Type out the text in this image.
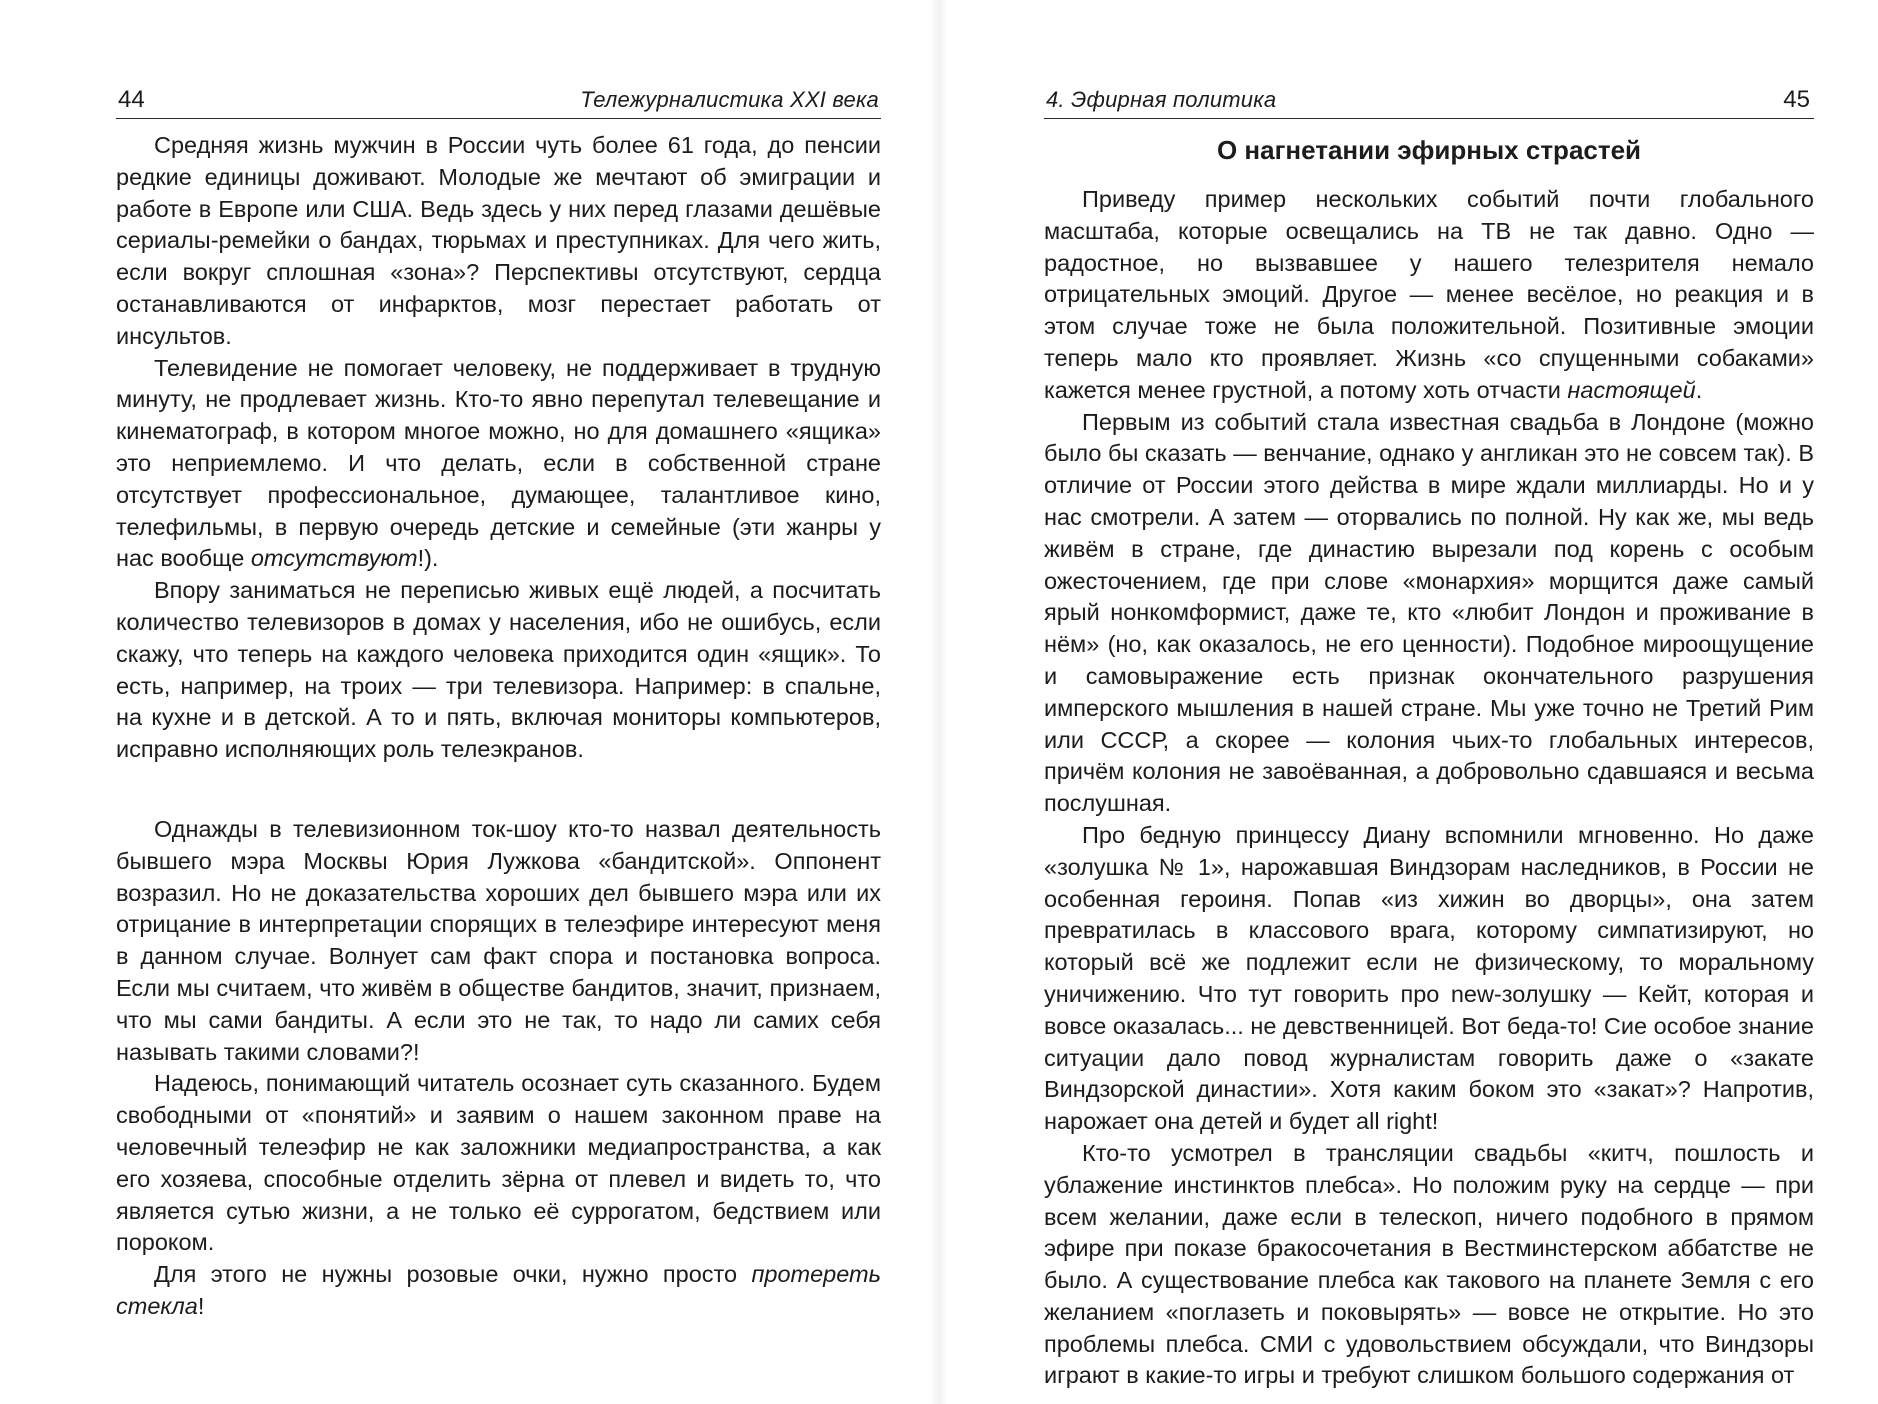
44	Тележурналистика XXI века

Средняя жизнь мужчин в России чуть более 61 года, до пенсии редкие единицы доживают. Молодые же мечтают об эмиграции и работе в Европе или США. Ведь здесь у них перед глазами дешёвые сериалы-ремейки о бандах, тюрьмах и преступниках. Для чего жить, если вокруг сплошная «зона»? Перспективы отсутствуют, сердца останавливаются от инфарктов, мозг перестает работать от инсультов.

Телевидение не помогает человеку, не поддерживает в трудную минуту, не продлевает жизнь. Кто-то явно перепутал телевещание и кинематограф, в котором многое можно, но для домашнего «ящика» это неприемлемо. И что делать, если в собственной стране отсутствует профессиональное, думающее, талантливое кино, телефильмы, в первую очередь детские и семейные (эти жанры у нас вообще отсутствуют!).

Впору заниматься не переписью живых ещё людей, а посчитать количество телевизоров в домах у населения, ибо не ошибусь, если скажу, что теперь на каждого человека приходится один «ящик». То есть, например, на троих — три телевизора. Например: в спальне, на кухне и в детской. А то и пять, включая мониторы компьютеров, исправно исполняющих роль телеэкранов.

Однажды в телевизионном ток-шоу кто-то назвал деятельность бывшего мэра Москвы Юрия Лужкова «бандитской». Оппонент возразил. Но не доказательства хороших дел бывшего мэра или их отрицание в интерпретации спорящих в телеэфире интересуют меня в данном случае. Волнует сам факт спора и постановка вопроса. Если мы считаем, что живём в обществе бандитов, значит, признаем, что мы сами бандиты. А если это не так, то надо ли самих себя называть такими словами?!

Надеюсь, понимающий читатель осознает суть сказанного. Будем свободными от «понятий» и заявим о нашем законном праве на человечный телеэфир не как заложники медиапространства, а как его хозяева, способные отделить зёрна от плевел и видеть то, что является сутью жизни, а не только её суррогатом, бедствием или пороком.

Для этого не нужны розовые очки, нужно просто протереть стекла!

4. Эфирная политика	45
О нагнетании эфирных страстей

Приведу пример нескольких событий почти глобального масштаба, которые освещались на ТВ не так давно. Одно — радостное, но вызвавшее у нашего телезрителя немало отрицательных эмоций. Другое — менее весёлое, но реакция и в этом случае тоже не была положительной. Позитивные эмоции теперь мало кто проявляет. Жизнь «со спущенными собаками» кажется менее грустной, а потому хоть отчасти настоящей.

Первым из событий стала известная свадьба в Лондоне (можно было бы сказать — венчание, однако у англикан это не совсем так). В отличие от России этого действа в мире ждали миллиарды. Но и у нас смотрели. А затем — оторвались по полной. Ну как же, мы ведь живём в стране, где династию вырезали под корень с особым ожесточением, где при слове «монархия» морщится даже самый ярый нонкомформист, даже те, кто «любит Лондон и проживание в нём» (но, как оказалось, не его ценности). Подобное мироощущение и самовыражение есть признак окончательного разрушения имперского мышления в нашей стране. Мы уже точно не Третий Рим или СССР, а скорее — колония чьих-то глобальных интересов, причём колония не завоёванная, а добровольно сдавшаяся и весьма послушная.

Про бедную принцессу Диану вспомнили мгновенно. Но даже «золушка № 1», нарожавшая Виндзорам наследников, в России не особенная героиня. Попав «из хижин во дворцы», она затем превратилась в классового врага, которому симпатизируют, но который всё же подлежит если не физическому, то моральному уничижению. Что тут говорить про new-золушку — Кейт, которая и вовсе оказалась... не девственницей. Вот беда-то! Сие особое знание ситуации дало повод журналистам говорить даже о «закате Виндзорской династии». Хотя каким боком это «закат»? Напротив, нарожает она детей и будет all right!

Кто-то усмотрел в трансляции свадьбы «китч, пошлость и ублажение инстинктов плебса». Но положим руку на сердце — при всем желании, даже если в телескоп, ничего подобного в прямом эфире при показе бракосочетания в Вестминстерском аббатстве не было. А существование плебса как такового на планете Земля с его желанием «поглазеть и поковырять» — вовсе не открытие. Но это проблемы плебса. СМИ с удовольствием обсуждали, что Виндзоры играют в какие-то игры и требуют слишком большого содержания от
